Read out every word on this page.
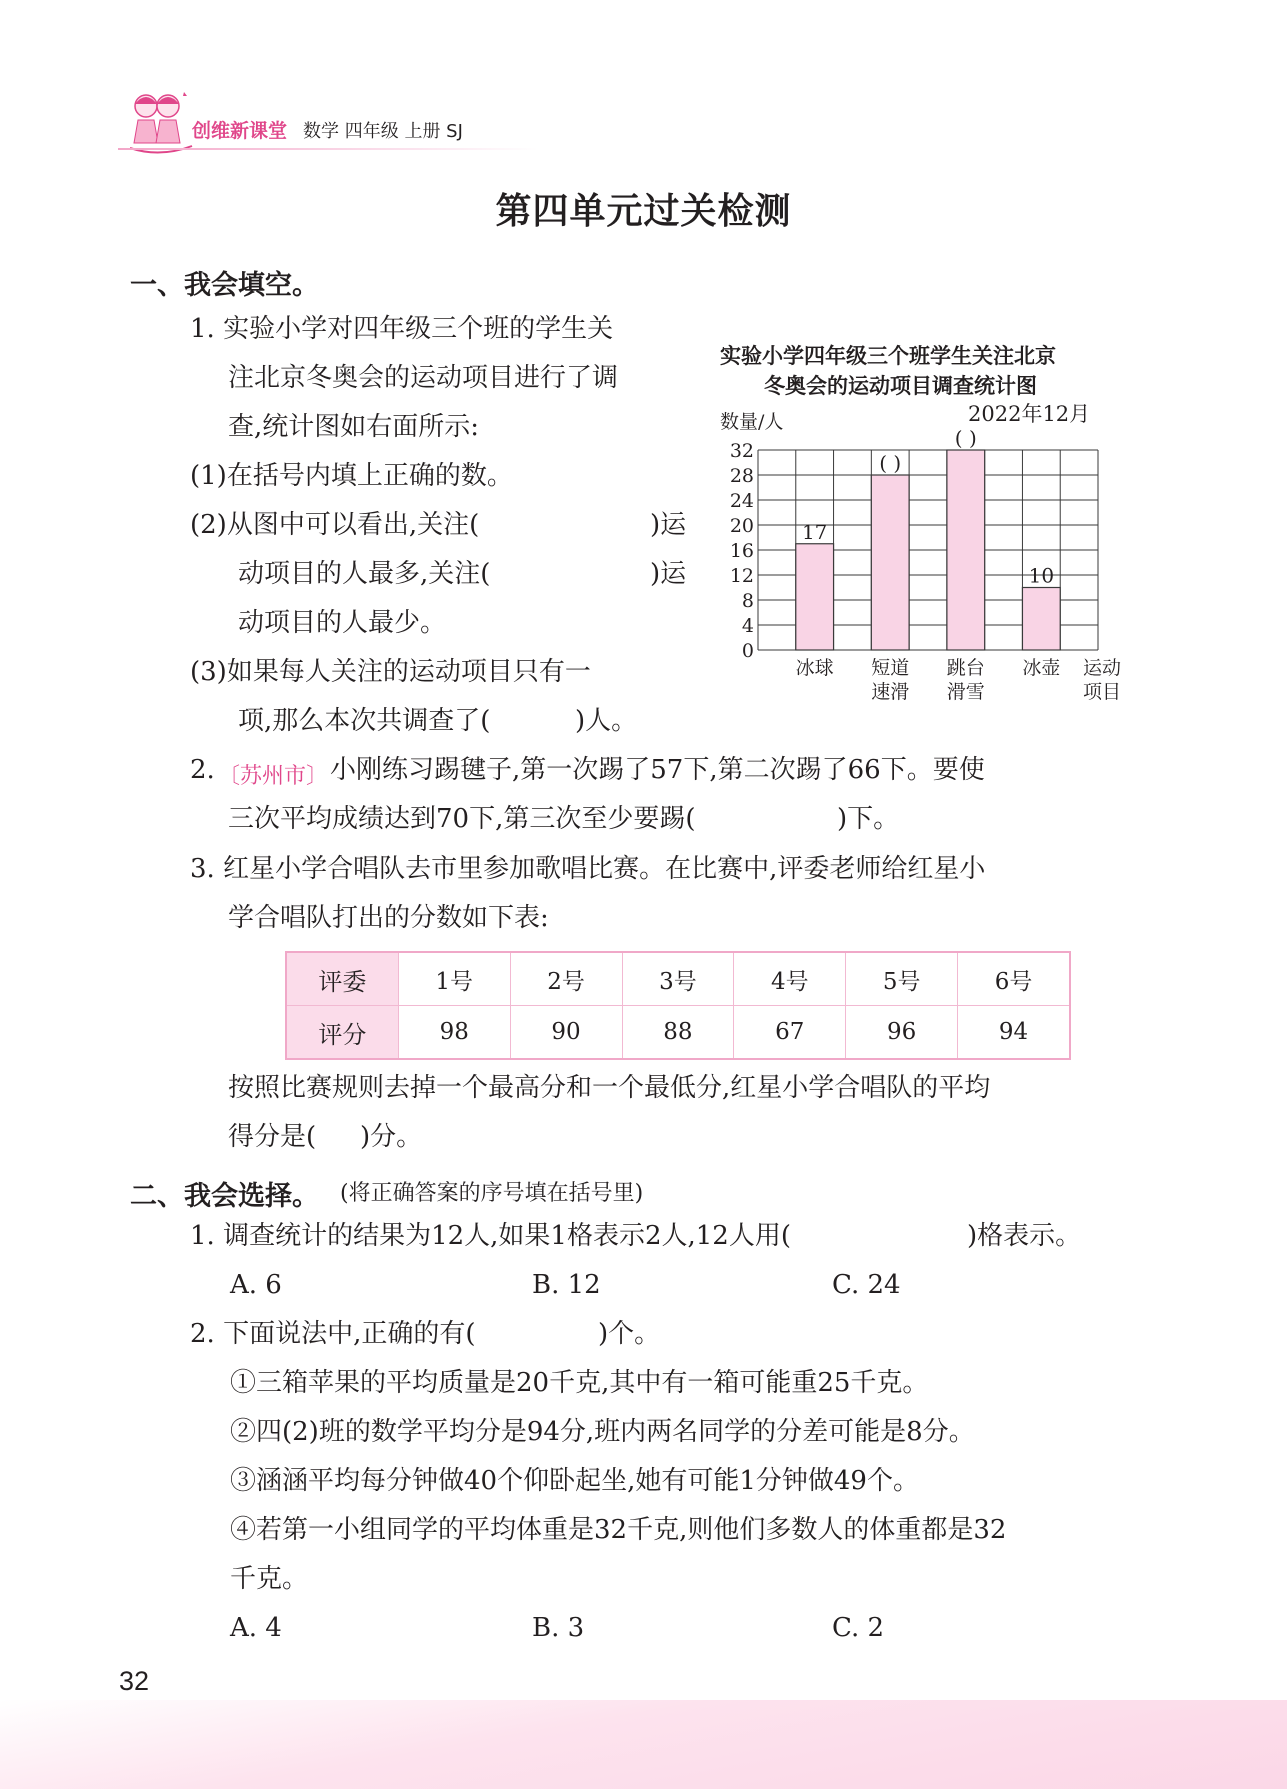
创维新课堂 数学 四年级 上册 SJ
第四单元过关检测
一、我会填空。
1. 实验小学对四年级三个班的学生关
注北京冬奥会的运动项目进行了调
查,统计图如右面所示:
(1)在括号内填上正确的数。
(2)从图中可以看出,关注(	)运
动项目的人最多,关注(	)运
动项目的人最少。
(3)如果每人关注的运动项目只有一
项,那么本次共调查了(	)人。
实验小学四年级三个班学生关注北京
冬奥会的运动项目调查统计图
2022年12月
17
冰球
( )
短道
速滑
( )
跳台
滑雪
10
冰壶
0
4
8
12
16
20
24
28
32
数量/人
运动
项目
2. 〔苏州市〕 小刚练习踢毽子,第一次踢了57下,第二次踢了66下。要使
三次平均成绩达到70下,第三次至少要踢(	)下。
3. 红星小学合唱队去市里参加歌唱比赛。在比赛中,评委老师给红星小
学合唱队打出的分数如下表:
评委	1号	2号	3号	4号	5号	6号
评分	98	90	88	67	96	94
按照比赛规则去掉一个最高分和一个最低分,红星小学合唱队的平均
得分是( )分。
二、我会选择。 (将正确答案的序号填在括号里)
1. 调查统计的结果为12人,如果1格表示2人,12人用(	)格表示。
A. 6	B. 12	C. 24
2. 下面说法中,正确的有(	)个。
①三箱苹果的平均质量是20千克,其中有一箱可能重25千克。
②四(2)班的数学平均分是94分,班内两名同学的分差可能是8分。
③涵涵平均每分钟做40个仰卧起坐,她有可能1分钟做49个。
④若第一小组同学的平均体重是32千克,则他们多数人的体重都是32
千克。
A. 4	B. 3	C. 2
32
